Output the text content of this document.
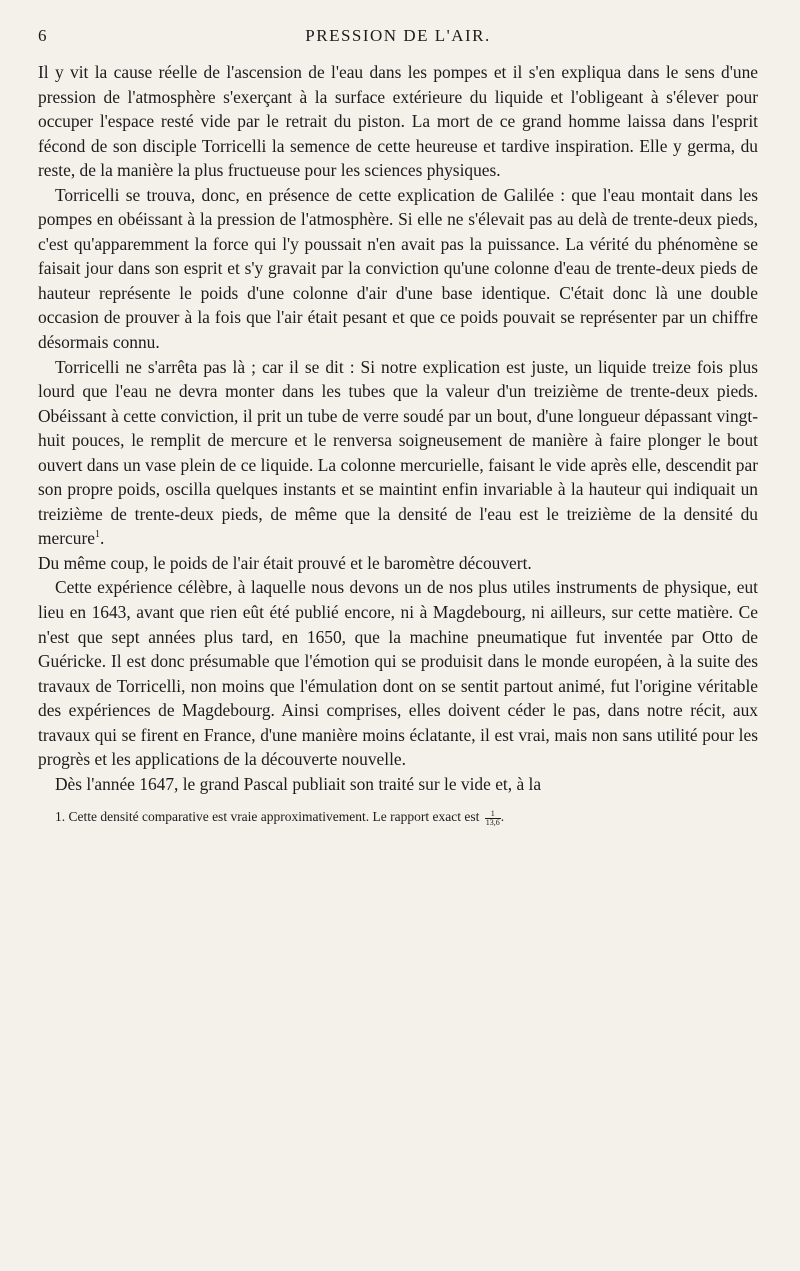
6	PRESSION DE L'AIR.

Il y vit la cause réelle de l'ascension de l'eau dans les pompes et il s'en expliqua dans le sens d'une pression de l'atmosphère s'exerçant à la surface extérieure du liquide et l'obligeant à s'élever pour occuper l'espace resté vide par le retrait du piston. La mort de ce grand homme laissa dans l'esprit fécond de son disciple Torricelli la semence de cette heureuse et tardive inspiration. Elle y germa, du reste, de la manière la plus fructueuse pour les sciences physiques.

Torricelli se trouva, donc, en présence de cette explication de Galilée : que l'eau montait dans les pompes en obéissant à la pression de l'atmosphère. Si elle ne s'élevait pas au delà de trente-deux pieds, c'est qu'apparemment la force qui l'y poussait n'en avait pas la puissance. La vérité du phénomène se faisait jour dans son esprit et s'y gravait par la conviction qu'une colonne d'eau de trente-deux pieds de hauteur représente le poids d'une colonne d'air d'une base identique. C'était donc là une double occasion de prouver à la fois que l'air était pesant et que ce poids pouvait se représenter par un chiffre désormais connu.

Torricelli ne s'arrêta pas là ; car il se dit : Si notre explication est juste, un liquide treize fois plus lourd que l'eau ne devra monter dans les tubes que la valeur d'un treizième de trente-deux pieds. Obéissant à cette conviction, il prit un tube de verre soudé par un bout, d'une longueur dépassant vingt-huit pouces, le remplit de mercure et le renversa soigneusement de manière à faire plonger le bout ouvert dans un vase plein de ce liquide. La colonne mercurielle, faisant le vide après elle, descendit par son propre poids, oscilla quelques instants et se maintint enfin invariable à la hauteur qui indiquait un treizième de trente-deux pieds, de même que la densité de l'eau est le treizième de la densité du mercure$^1$.

Du même coup, le poids de l'air était prouvé et le baromètre découvert.

Cette expérience célèbre, à laquelle nous devons un de nos plus utiles instruments de physique, eut lieu en 1643, avant que rien eût été publié encore, ni à Magdebourg, ni ailleurs, sur cette matière. Ce n'est que sept années plus tard, en 1650, que la machine pneumatique fut inventée par Otto de Guéricke. Il est donc présumable que l'émotion qui se produisit dans le monde européen, à la suite des travaux de Torricelli, non moins que l'émulation dont on se sentit partout animé, fut l'origine véritable des expériences de Magdebourg. Ainsi comprises, elles doivent céder le pas, dans notre récit, aux travaux qui se firent en France, d'une manière moins éclatante, il est vrai, mais non sans utilité pour les progrès et les applications de la découverte nouvelle.

Dès l'année 1647, le grand Pascal publiait son traité sur le vide et, à la

1. Cette densité comparative est vraie approximativement. Le rapport exact est $\frac{1}{13,6}$ .
